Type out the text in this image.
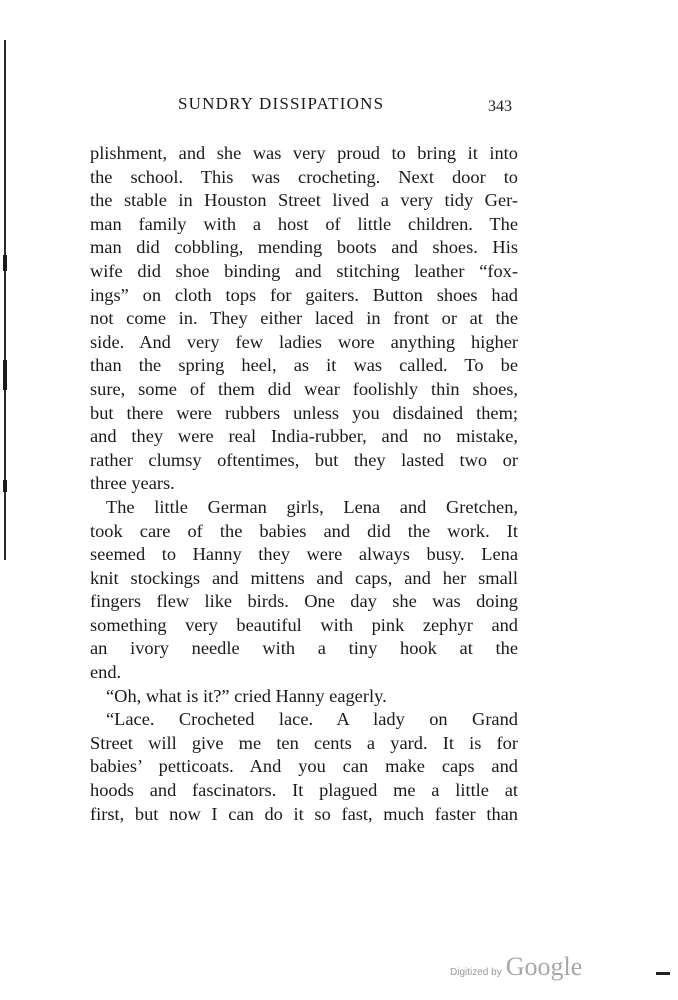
SUNDRY DISSIPATIONS	343
plishment, and she was very proud to bring it into
the school. This was crocheting. Next door to
the stable in Houston Street lived a very tidy Ger-
man family with a host of little children. The
man did cobbling, mending boots and shoes. His
wife did shoe binding and stitching leather “fox-
ings” on cloth tops for gaiters. Button shoes had
not come in. They either laced in front or at the
side. And very few ladies wore anything higher
than the spring heel, as it was called. To be
sure, some of them did wear foolishly thin shoes,
but there were rubbers unless you disdained them;
and they were real India-rubber, and no mistake,
rather clumsy oftentimes, but they lasted two or
three years.
The little German girls, Lena and Gretchen,
took care of the babies and did the work. It
seemed to Hanny they were always busy. Lena
knit stockings and mittens and caps, and her small
fingers flew like birds. One day she was doing
something very beautiful with pink zephyr and
an ivory needle with a tiny hook at the
end.
“Oh, what is it?” cried Hanny eagerly.
“Lace. Crocheted lace. A lady on Grand
Street will give me ten cents a yard. It is for
babies’ petticoats. And you can make caps and
hoods and fascinators. It plagued me a little at
first, but now I can do it so fast, much faster than
Digitized by Google
